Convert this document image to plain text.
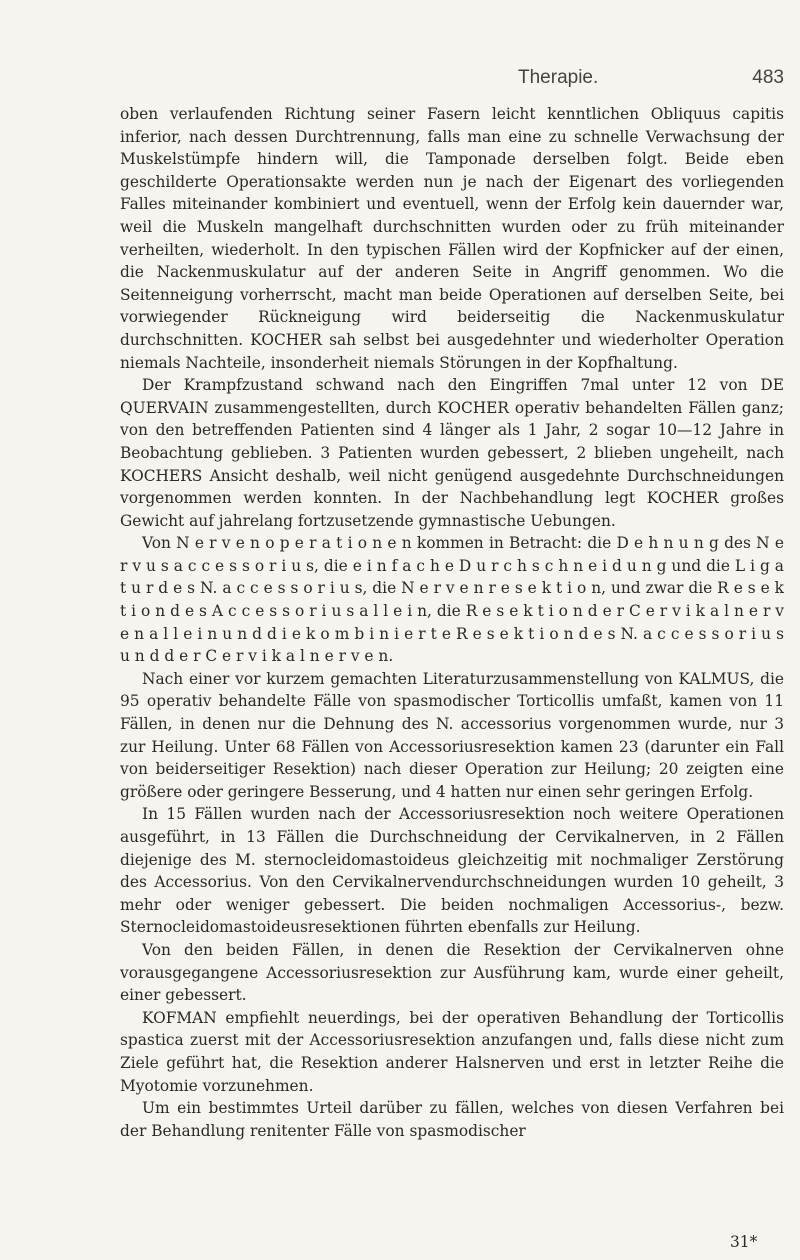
Therapie.	483

oben verlaufenden Richtung seiner Fasern leicht kenntlichen Obliquus capitis inferior, nach dessen Durchtrennung, falls man eine zu schnelle Verwachsung der Muskelstümpfe hindern will, die Tamponade derselben folgt. Beide eben geschilderte Operationsakte werden nun je nach der Eigenart des vorliegenden Falles miteinander kombiniert und eventuell, wenn der Erfolg kein dauernder war, weil die Muskeln mangelhaft durchschnitten wurden oder zu früh miteinander verheilten, wiederholt. In den typischen Fällen wird der Kopfnicker auf der einen, die Nackenmuskulatur auf der anderen Seite in Angriff genommen. Wo die Seitenneigung vorherrscht, macht man beide Operationen auf derselben Seite, bei vorwiegender Rückneigung wird beiderseitig die Nackenmuskulatur durchschnitten. KOCHER sah selbst bei ausgedehnter und wiederholter Operation niemals Nachteile, insonderheit niemals Störungen in der Kopfhaltung.

Der Krampfzustand schwand nach den Eingriffen 7mal unter 12 von DE QUERVAIN zusammengestellten, durch KOCHER operativ behandelten Fällen ganz; von den betreffenden Patienten sind 4 länger als 1 Jahr, 2 sogar 10—12 Jahre in Beobachtung geblieben. 3 Patienten wurden gebessert, 2 blieben ungeheilt, nach KOCHERS Ansicht deshalb, weil nicht genügend ausgedehnte Durchschneidungen vorgenommen werden konnten. In der Nachbehandlung legt KOCHER großes Gewicht auf jahrelang fortzusetzende gymnastische Uebungen.

Von N e r v e n o p e r a t i o n e n kommen in Betracht: die D e h n u n g des N e r v u s a c c e s s o r i u s, die e i n f a c h e D u r c h s c h n e i d u n g und die L i g a t u r d e s N. a c c e s s o r i u s, die N e r v e n r e s e k t i o n, und zwar die R e s e k t i o n d e s A c c e s s o r i u s a l l e i n, die R e s e k t i o n d e r C e r v i k a l n e r v e n a l l e i n u n d d i e k o m b i n i e r t e R e s e k t i o n d e s N. a c c e s s o r i u s u n d d e r C e r v i k a l n e r v e n.

Nach einer vor kurzem gemachten Literaturzusammenstellung von KALMUS, die 95 operativ behandelte Fälle von spasmodischer Torticollis umfaßt, kamen von 11 Fällen, in denen nur die Dehnung des N. accessorius vorgenommen wurde, nur 3 zur Heilung. Unter 68 Fällen von Accessoriusresektion kamen 23 (darunter ein Fall von beiderseitiger Resektion) nach dieser Operation zur Heilung; 20 zeigten eine größere oder geringere Besserung, und 4 hatten nur einen sehr geringen Erfolg.

In 15 Fällen wurden nach der Accessoriusresektion noch weitere Operationen ausgeführt, in 13 Fällen die Durchschneidung der Cervikalnerven, in 2 Fällen diejenige des M. sternocleidomastoideus gleichzeitig mit nochmaliger Zerstörung des Accessorius. Von den Cervikalnervendurchschneidungen wurden 10 geheilt, 3 mehr oder weniger gebessert. Die beiden nochmaligen Accessorius-, bezw. Sternocleidomastoideusresektionen führten ebenfalls zur Heilung.

Von den beiden Fällen, in denen die Resektion der Cervikalnerven ohne vorausgegangene Accessoriusresektion zur Ausführung kam, wurde einer geheilt, einer gebessert.

KOFMAN empfiehlt neuerdings, bei der operativen Behandlung der Torticollis spastica zuerst mit der Accessoriusresektion anzufangen und, falls diese nicht zum Ziele geführt hat, die Resektion anderer Halsnerven und erst in letzter Reihe die Myotomie vorzunehmen.

Um ein bestimmtes Urteil darüber zu fällen, welches von diesen Verfahren bei der Behandlung renitenter Fälle von spasmodischer

31*
